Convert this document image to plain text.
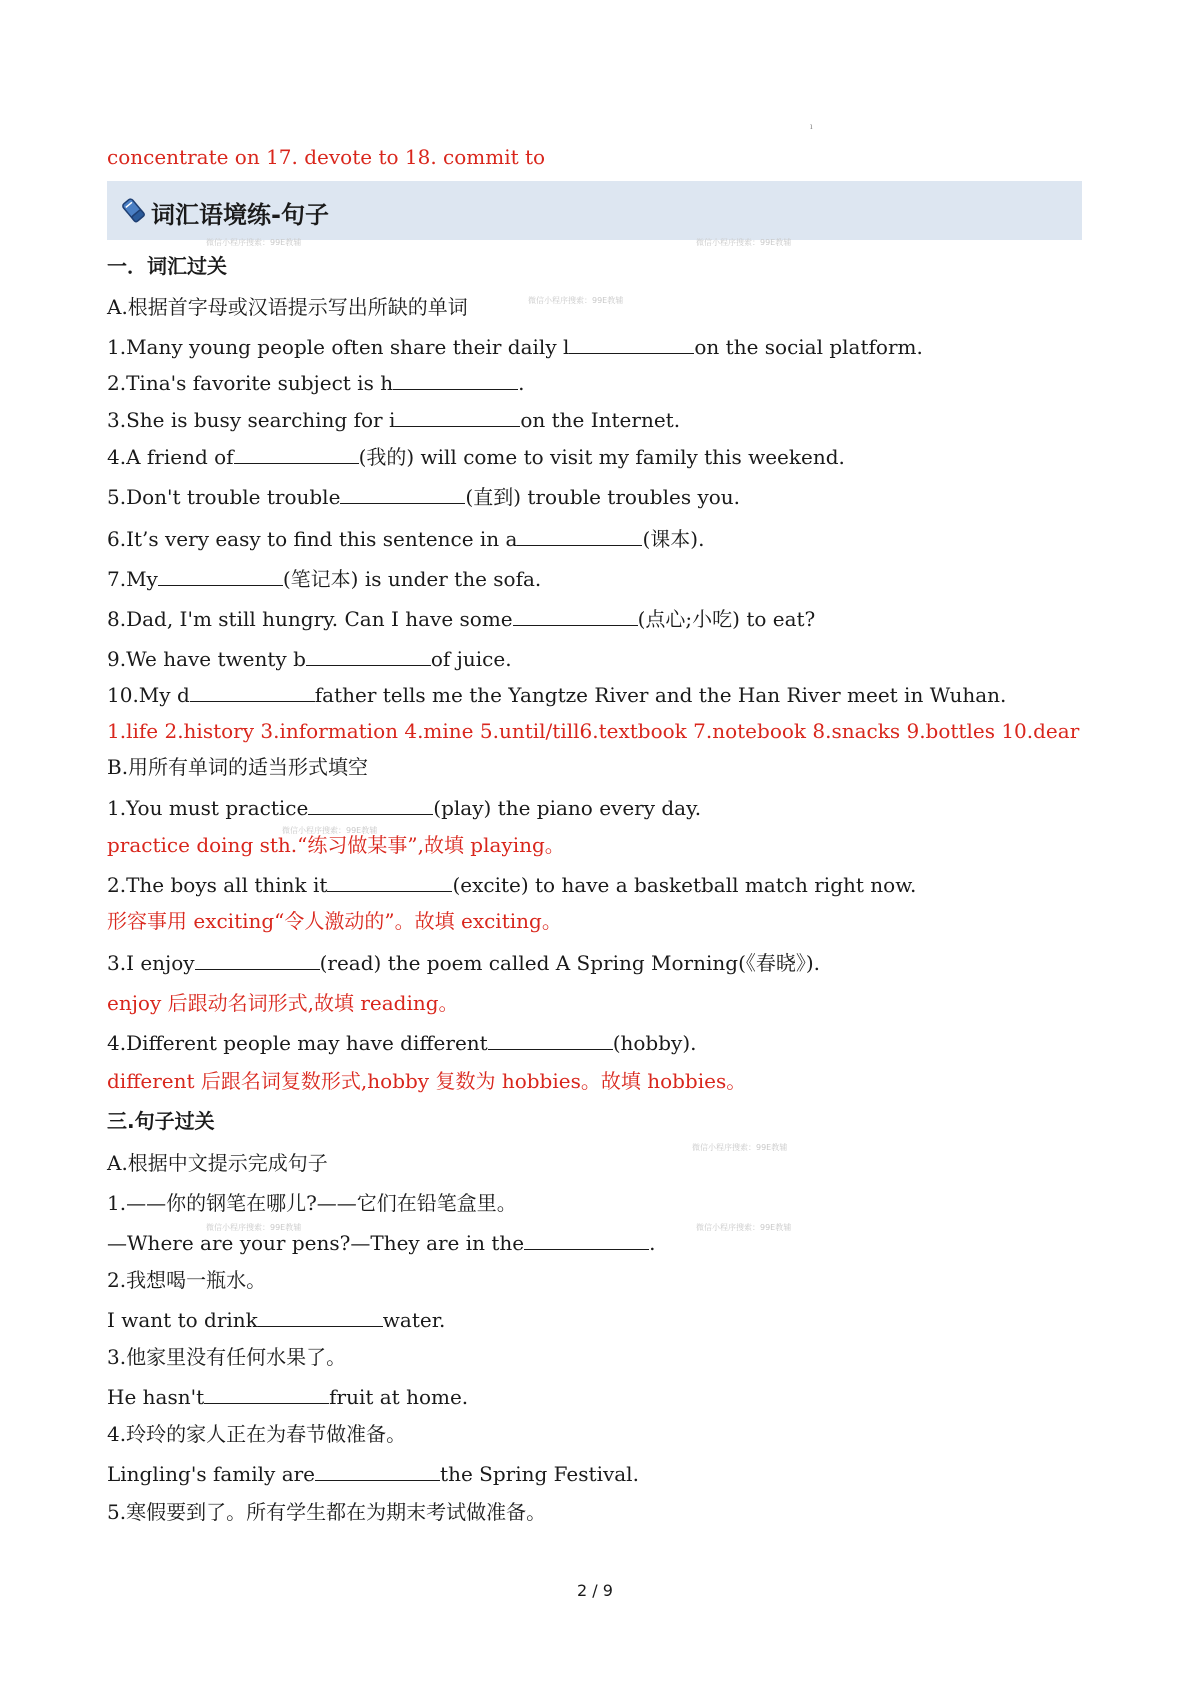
ı
concentrate on 17. devote to 18. commit to
词汇语境练-句子
微信小程序搜索：99E教辅	微信小程序搜索：99E教辅
微信小程序搜索：99E教辅
微信小程序搜索：99E教辅
微信小程序搜索：99E教辅
微信小程序搜索：99E教辅	微信小程序搜索：99E教辅
一．词汇过关
A.根据首字母或汉语提示写出所缺的单词
1.Many young people often share their daily l	on the social platform.
2.Tina's favorite subject is h	.
3.She is busy searching for i	on the Internet.
4.A friend of	(我的) will come to visit my family this weekend.
5.Don't trouble trouble	(直到) trouble troubles you.
6.It’s very easy to find this sentence in a	(课本).
7.My	(笔记本) is under the sofa.
8.Dad, I'm still hungry. Can I have some	(点心;小吃) to eat?
9.We have twenty b	of juice.
10.My d	father tells me the Yangtze River and the Han River meet in Wuhan.
1.life 2.history 3.information 4.mine 5.until/till6.textbook 7.notebook 8.snacks 9.bottles 10.dear
B.用所有单词的适当形式填空
1.You must practice	(play) the piano every day.
practice doing sth.“练习做某事”,故填 playing。
2.The boys all think it	(excite) to have a basketball match right now.
形容事用 exciting“令人激动的”。故填 exciting。
3.I enjoy	(read) the poem called A Spring Morning(《春晓》).
enjoy 后跟动名词形式,故填 reading。
4.Different people may have different	(hobby).
different 后跟名词复数形式,hobby 复数为 hobbies。故填 hobbies。
三.句子过关
A.根据中文提示完成句子
1.——你的钢笔在哪儿?——它们在铅笔盒里。
—Where are your pens?—They are in the	.
2.我想喝一瓶水。
I want to drink	water.
3.他家里没有任何水果了。
He hasn't	fruit at home.
4.玲玲的家人正在为春节做准备。
Lingling's family are	the Spring Festival.
5.寒假要到了。所有学生都在为期末考试做准备。
2 / 9
